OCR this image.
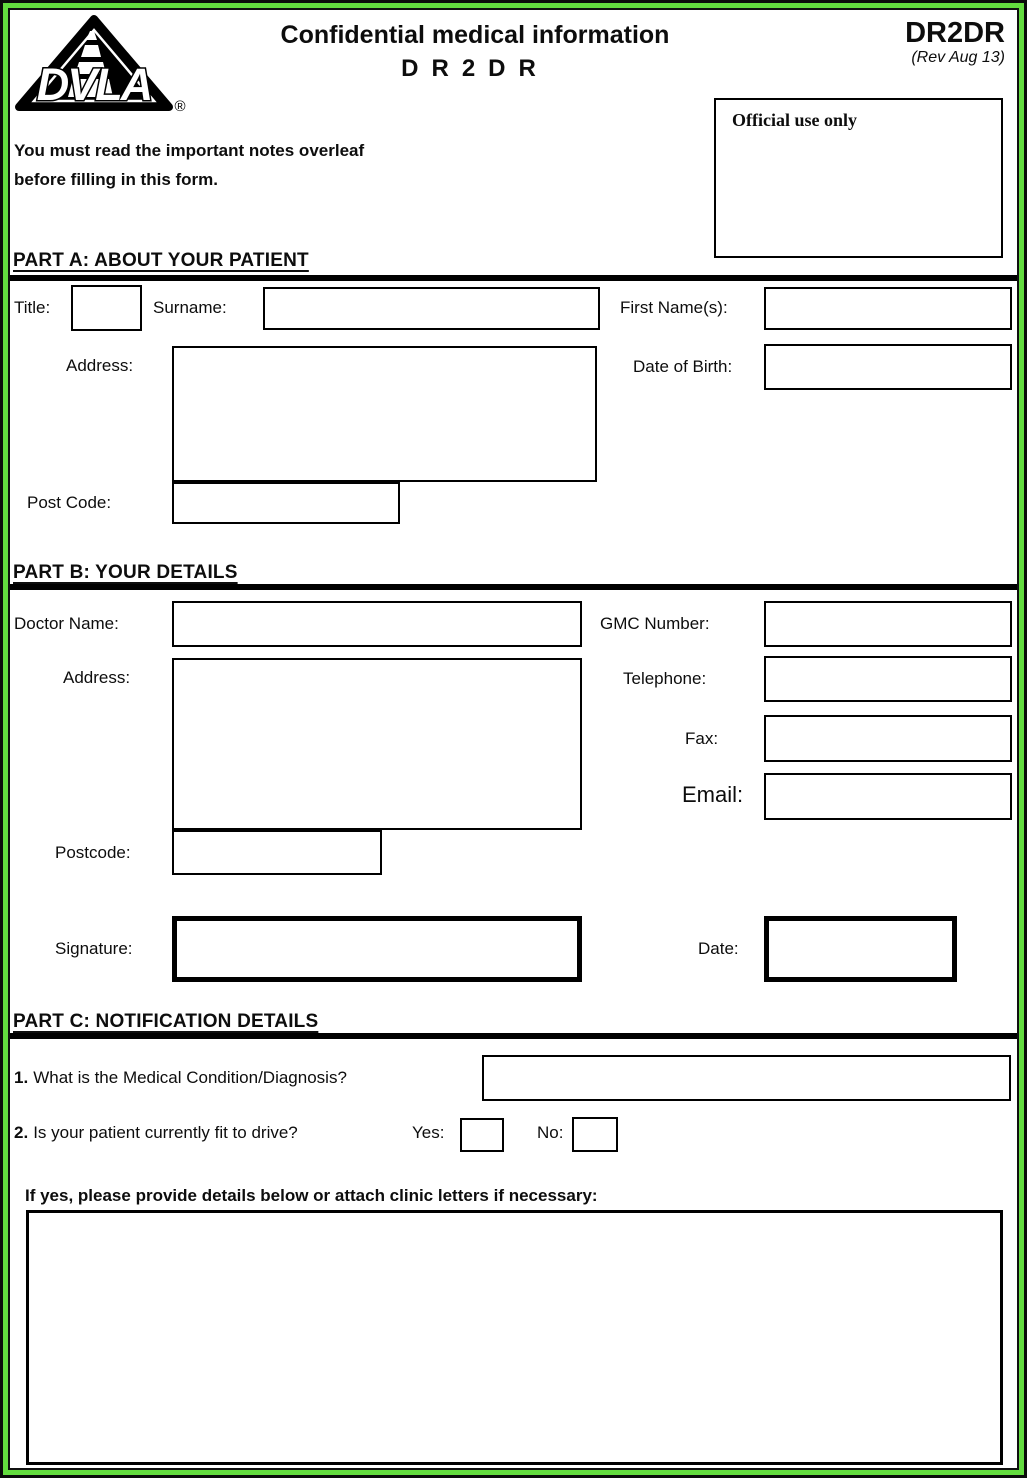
DVLA ®
Confidential medical information
DR2DR
DR2DR
(Rev Aug 13)
Official use only
You must read the important notes overleaf
before filling in this form.
PART A: ABOUT YOUR PATIENT
Title:	Surname:	First Name(s):
Address:	Date of Birth:
Post Code:
PART B: YOUR DETAILS
Doctor Name:	GMC Number:
Address:	Telephone:
Fax:
Email:
Postcode:
Signature:	Date:
PART C: NOTIFICATION DETAILS
1. What is the Medical Condition/Diagnosis?
2. Is your patient currently fit to drive?	Yes:	No:
If yes, please provide details below or attach clinic letters if necessary:
